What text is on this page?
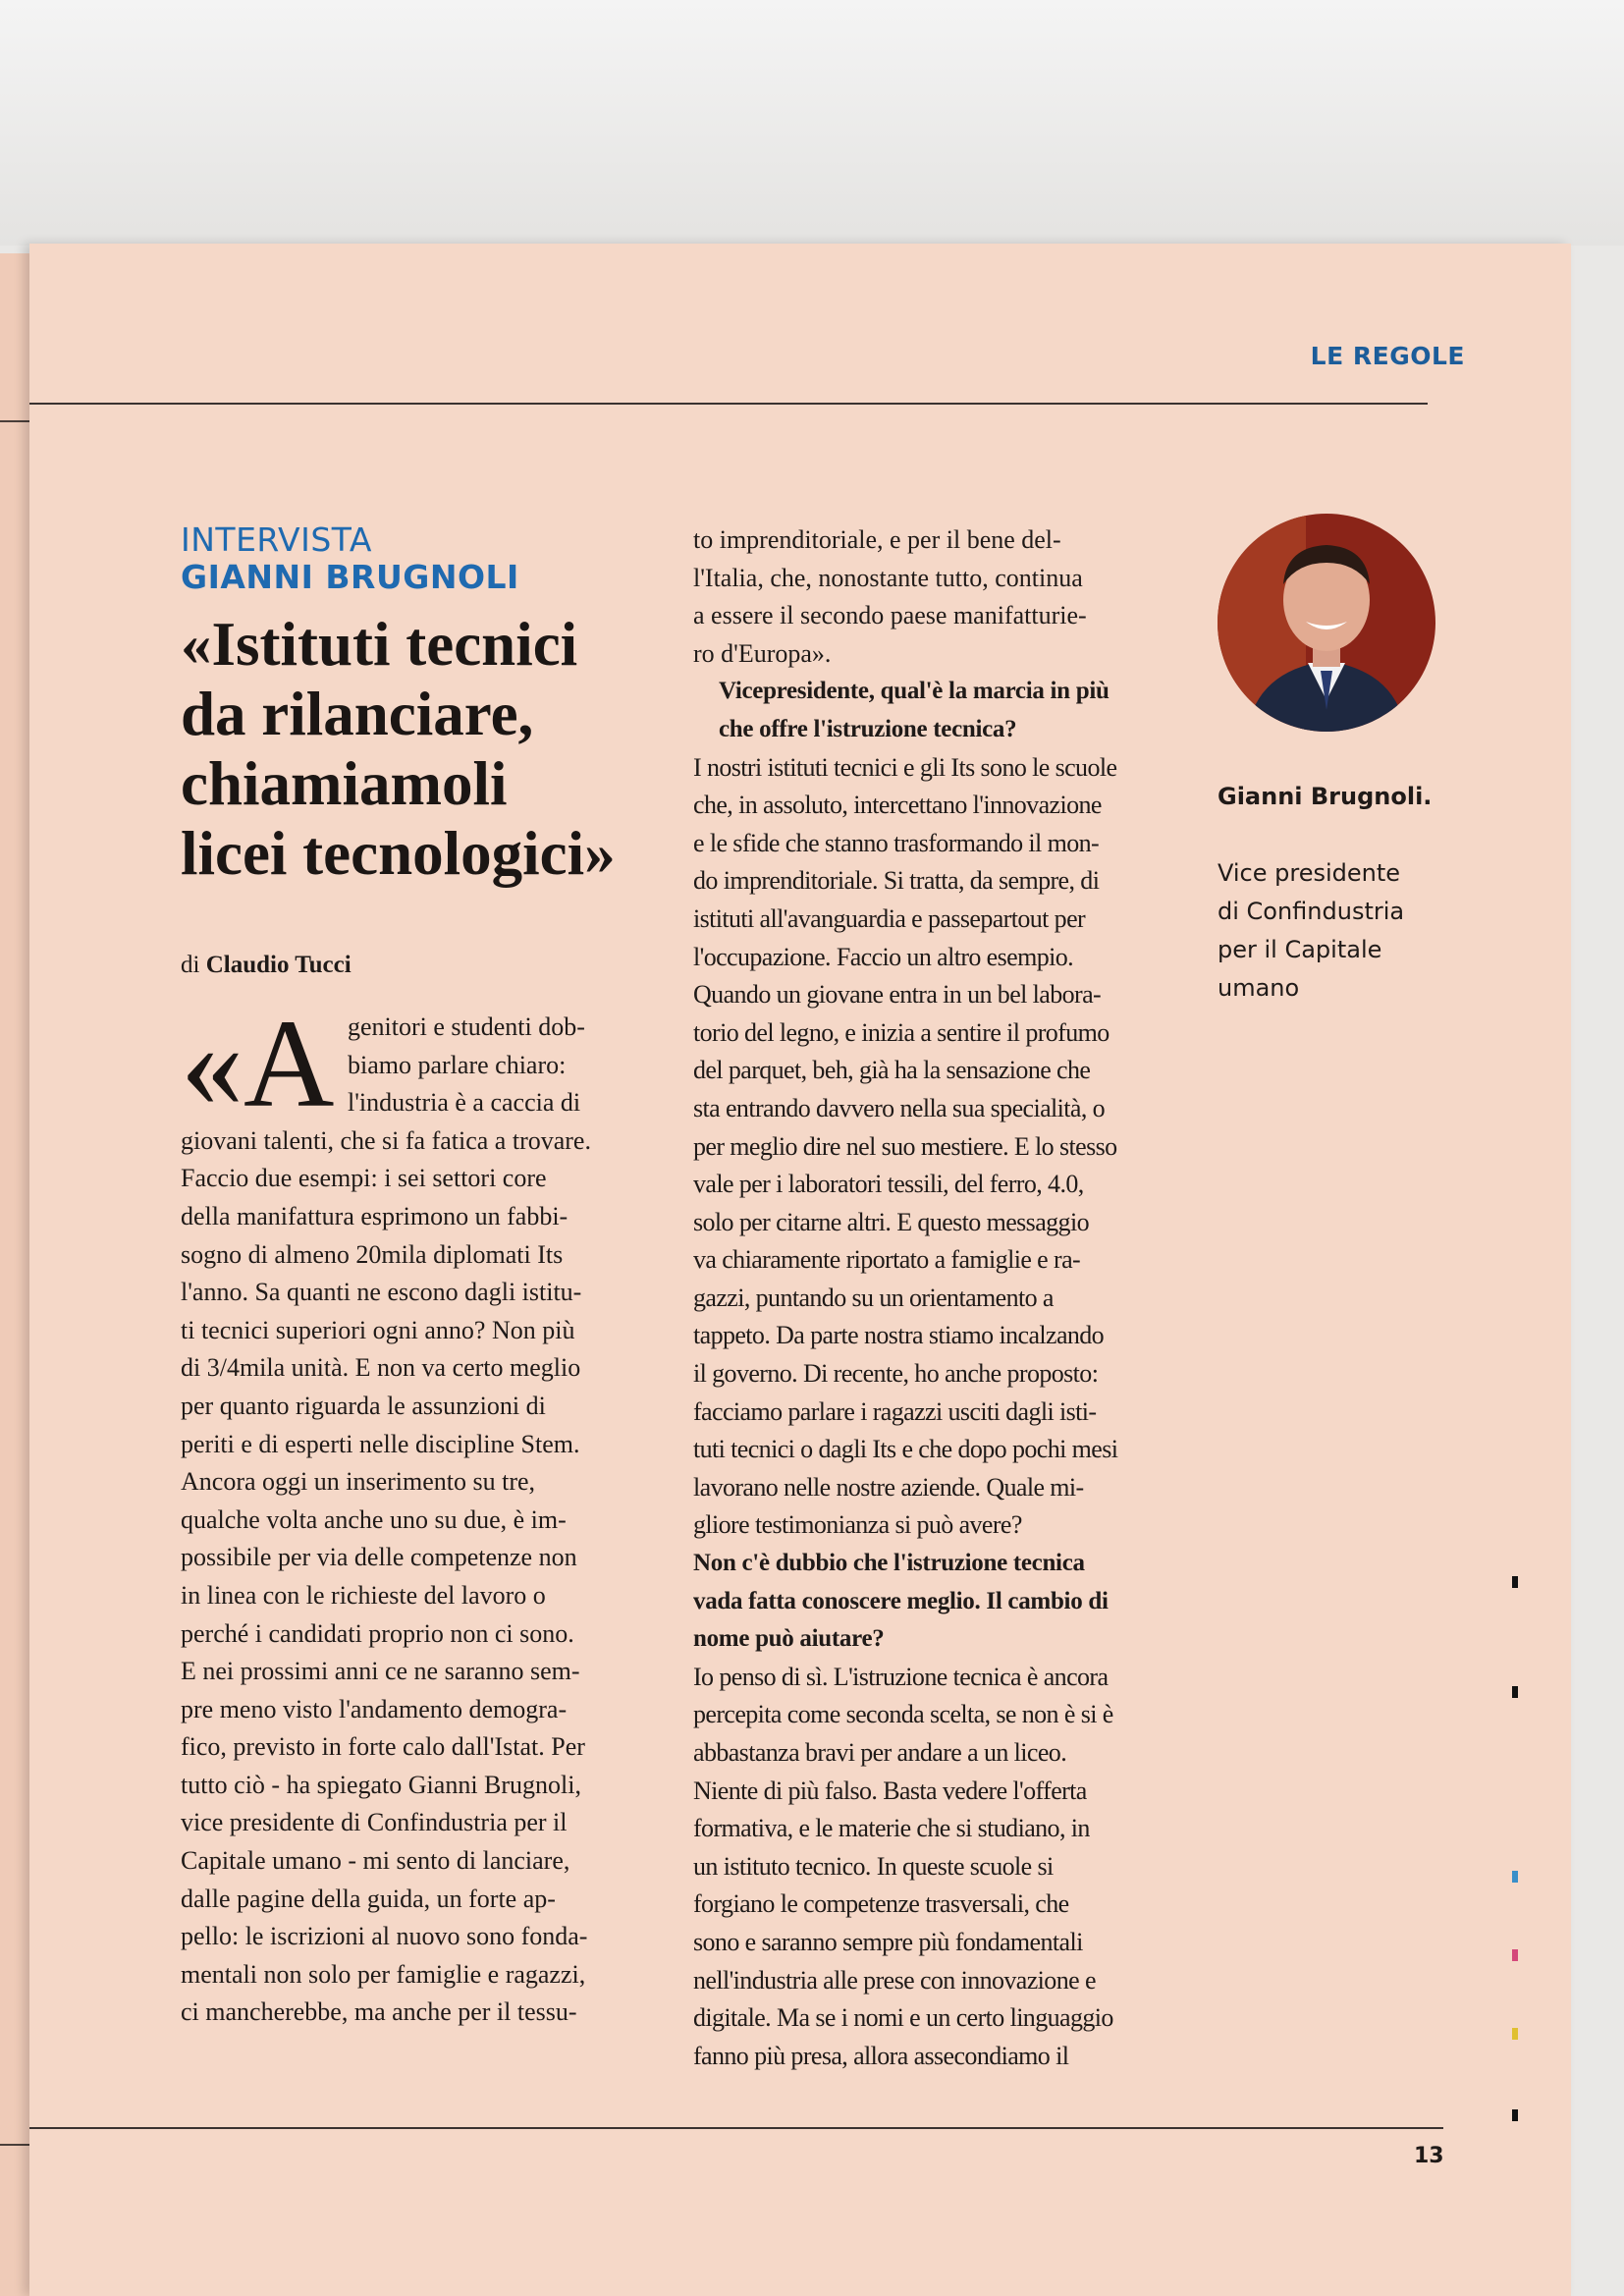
LE REGOLE
INTERVISTA
GIANNI BRUGNOLI
«Istituti tecnici
da rilanciare,
chiamiamoli
licei tecnologici»
di Claudio Tucci
«A genitori e studenti dob-
biamo parlare chiaro:
l'industria è a caccia di
giovani talenti, che si fa fatica a trovare.
Faccio due esempi: i sei settori core
della manifattura esprimono un fabbi-
sogno di almeno 20mila diplomati Its
l'anno. Sa quanti ne escono dagli istitu-
ti tecnici superiori ogni anno? Non più
di 3/4mila unità. E non va certo meglio
per quanto riguarda le assunzioni di
periti e di esperti nelle discipline Stem.
Ancora oggi un inserimento su tre,
qualche volta anche uno su due, è im-
possibile per via delle competenze non
in linea con le richieste del lavoro o
perché i candidati proprio non ci sono.
E nei prossimi anni ce ne saranno sem-
pre meno visto l'andamento demogra-
fico, previsto in forte calo dall'Istat. Per
tutto ciò - ha spiegato Gianni Brugnoli,
vice presidente di Confindustria per il
Capitale umano - mi sento di lanciare,
dalle pagine della guida, un forte ap-
pello: le iscrizioni al nuovo sono fonda-
mentali non solo per famiglie e ragazzi,
ci mancherebbe, ma anche per il tessu-
to imprenditoriale, e per il bene del-
l'Italia, che, nonostante tutto, continua
a essere il secondo paese manifatturie-
ro d'Europa».
Vicepresidente, qual'è la marcia in più
che offre l'istruzione tecnica?
I nostri istituti tecnici e gli Its sono le scuole
che, in assoluto, intercettano l'innovazione
e le sfide che stanno trasformando il mon-
do imprenditoriale. Si tratta, da sempre, di
istituti all'avanguardia e passepartout per
l'occupazione. Faccio un altro esempio.
Quando un giovane entra in un bel labora-
torio del legno, e inizia a sentire il profumo
del parquet, beh, già ha la sensazione che
sta entrando davvero nella sua specialità, o
per meglio dire nel suo mestiere. E lo stesso
vale per i laboratori tessili, del ferro, 4.0,
solo per citarne altri. E questo messaggio
va chiaramente riportato a famiglie e ra-
gazzi, puntando su un orientamento a
tappeto. Da parte nostra stiamo incalzando
il governo. Di recente, ho anche proposto:
facciamo parlare i ragazzi usciti dagli isti-
tuti tecnici o dagli Its e che dopo pochi mesi
lavorano nelle nostre aziende. Quale mi-
gliore testimonianza si può avere?
Non c'è dubbio che l'istruzione tecnica
vada fatta conoscere meglio. Il cambio di
nome può aiutare?
Io penso di sì. L'istruzione tecnica è ancora
percepita come seconda scelta, se non è si è
abbastanza bravi per andare a un liceo.
Niente di più falso. Basta vedere l'offerta
formativa, e le materie che si studiano, in
un istituto tecnico. In queste scuole si
forgiano le competenze trasversali, che
sono e saranno sempre più fondamentali
nell'industria alle prese con innovazione e
digitale. Ma se i nomi e un certo linguaggio
fanno più presa, allora assecondiamo il

Gianni Brugnoli.

Vice presidente
di Confindustria
per il Capitale
umano

13
